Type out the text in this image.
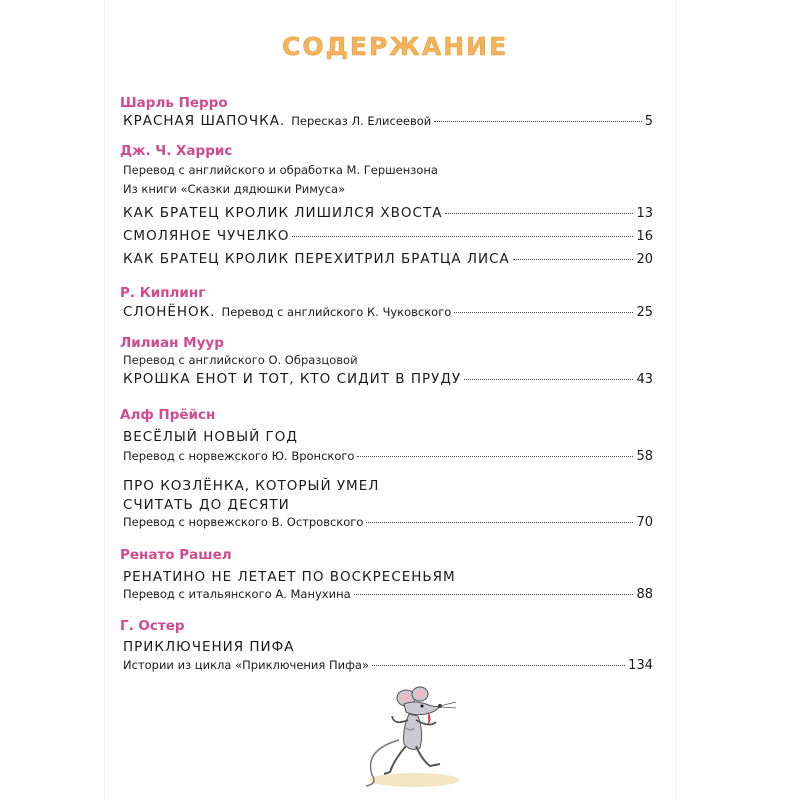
СОДЕРЖАНИЕ
Шарль Перро
КРАСНАЯ ШАПОЧКА. Пересказ Л. Елисеевой	5
Дж. Ч. Харрис
Перевод с английского и обработка М. Гершензона
Из книги «Сказки дядюшки Римуса»
КАК БРАТЕЦ КРОЛИК ЛИШИЛСЯ ХВОСТА	13
СМОЛЯНОЕ ЧУЧЕЛКО	16
КАК БРАТЕЦ КРОЛИК ПЕРЕХИТРИЛ БРАТЦА ЛИСА	20
Р. Киплинг
СЛОНЁНОК. Перевод с английского К. Чуковского	25
Лилиан Муур
Перевод с английского О. Образцовой
КРОШКА ЕНОТ И ТОТ, КТО СИДИТ В ПРУДУ	43
Алф Прёйсн
ВЕСЁЛЫЙ НОВЫЙ ГОД
Перевод с норвежского Ю. Вронского	58
ПРО КОЗЛЁНКА, КОТОРЫЙ УМЕЛ
СЧИТАТЬ ДО ДЕСЯТИ
Перевод с норвежского В. Островского	70
Ренато Рашел
РЕНАТИНО НЕ ЛЕТАЕТ ПО ВОСКРЕСЕНЬЯМ
Перевод с итальянского А. Манухина	88
Г. Остер
ПРИКЛЮЧЕНИЯ ПИФА
Истории из цикла «Приключения Пифа»	134
